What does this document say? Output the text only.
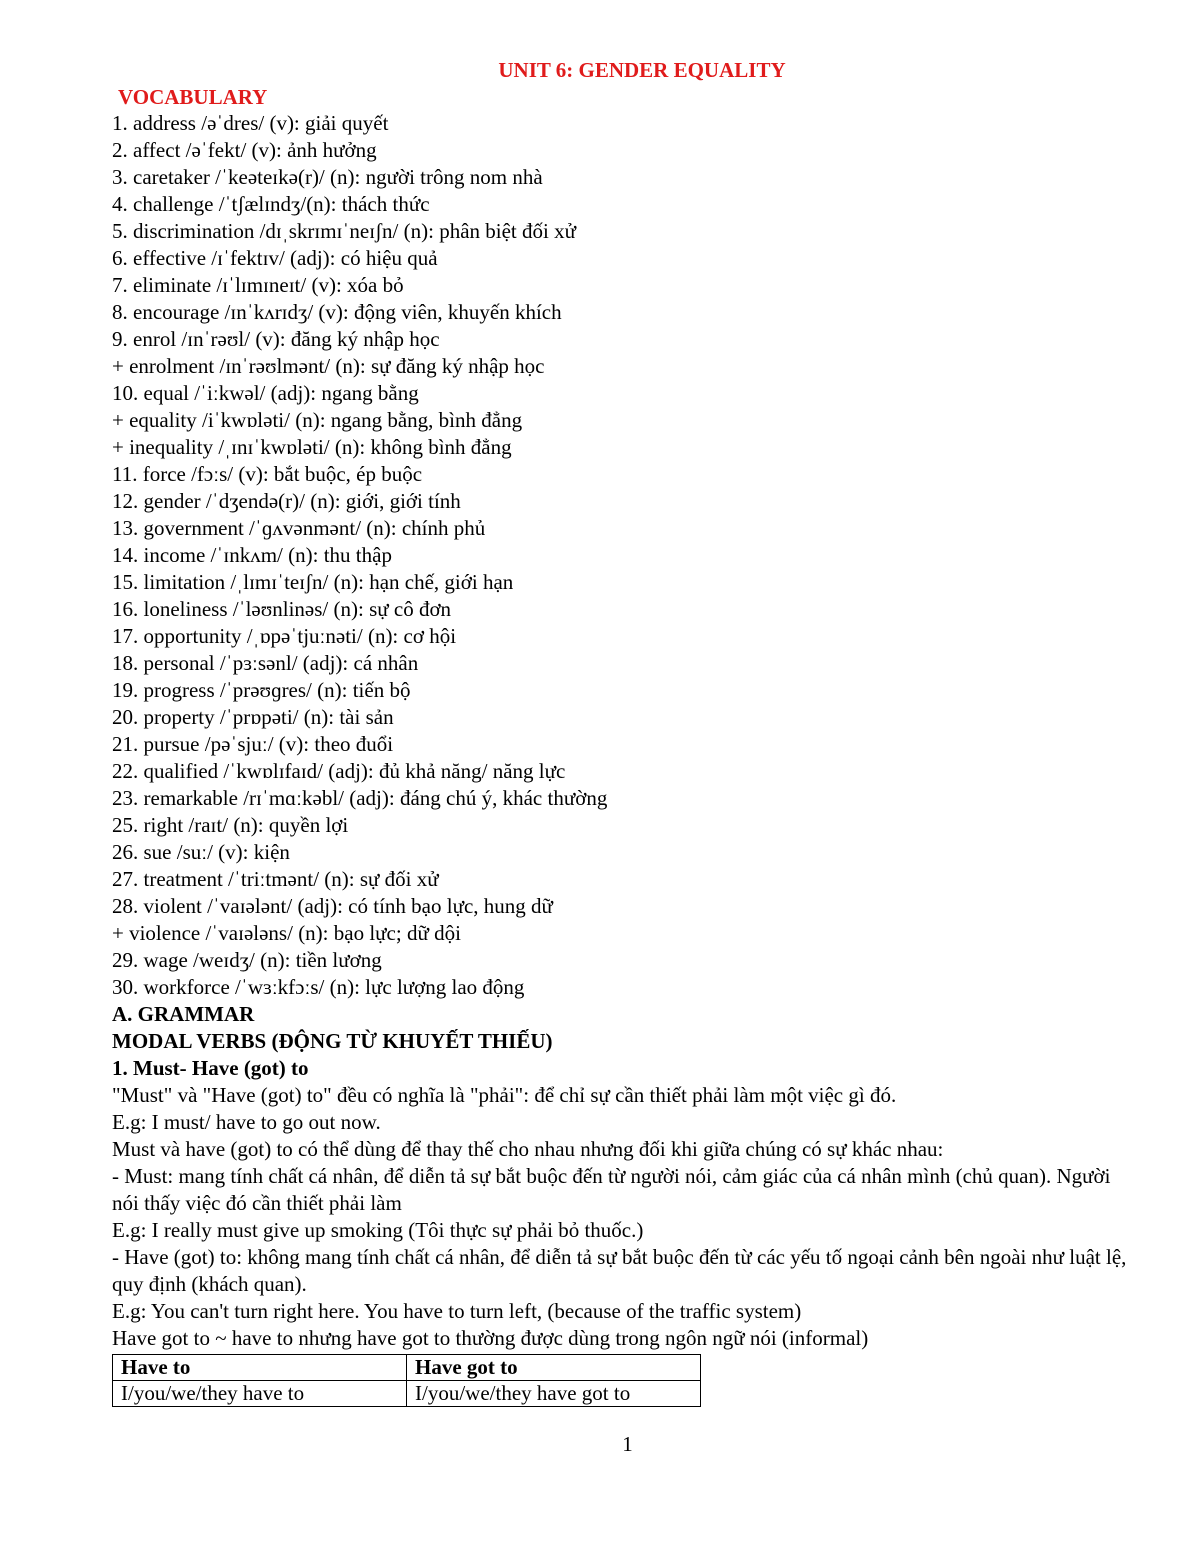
UNIT 6: GENDER EQUALITY
VOCABULARY
1. address /əˈdres/ (v): giải quyết
2. affect /əˈfekt/ (v): ảnh hưởng
3. caretaker /ˈkeəteɪkə(r)/ (n): người trông nom nhà
4. challenge /ˈtʃælɪndʒ/(n): thách thức
5. discrimination /dɪˌskrɪmɪˈneɪʃn/ (n): phân biệt đối xử
6. effective /ɪˈfektɪv/ (adj): có hiệu quả
7. eliminate /ɪˈlɪmɪneɪt/ (v): xóa bỏ
8. encourage /ɪnˈkʌrɪdʒ/ (v): động viên, khuyến khích
9. enrol /ɪnˈrəʊl/ (v): đăng ký nhập học
+ enrolment /ɪnˈrəʊlmənt/ (n): sự đăng ký nhập học
10. equal /ˈiːkwəl/ (adj): ngang bằng
+ equality /iˈkwɒləti/ (n): ngang bằng, bình đẳng
+ inequality /ˌɪnɪˈkwɒləti/ (n): không bình đẳng
11. force /fɔːs/ (v): bắt buộc, ép buộc
12. gender /ˈdʒendə(r)/ (n): giới, giới tính
13. government /ˈɡʌvənmənt/ (n): chính phủ
14. income /ˈɪnkʌm/ (n): thu thập
15. limitation /ˌlɪmɪˈteɪʃn/ (n): hạn chế, giới hạn
16. loneliness /ˈləʊnlinəs/ (n): sự cô đơn
17. opportunity /ˌɒpəˈtjuːnəti/ (n): cơ hội
18. personal /ˈpɜːsənl/ (adj): cá nhân
19. progress /ˈprəʊɡres/ (n): tiến bộ
20. property /ˈprɒpəti/ (n): tài sản
21. pursue /pəˈsjuː/ (v): theo đuổi
22. qualified /ˈkwɒlɪfaɪd/ (adj): đủ khả năng/ năng lực
23. remarkable /rɪˈmɑːkəbl/ (adj): đáng chú ý, khác thường
25. right /raɪt/ (n): quyền lợi
26. sue /suː/ (v): kiện
27. treatment /ˈtriːtmənt/ (n): sự đối xử
28. violent /ˈvaɪələnt/ (adj): có tính bạo lực, hung dữ
+ violence /ˈvaɪələns/ (n): bạo lực; dữ dội
29. wage /weɪdʒ/ (n): tiền lương
30. workforce /ˈwɜːkfɔːs/ (n): lực lượng lao động
A. GRAMMAR
MODAL VERBS (ĐỘNG TỪ KHUYẾT THIẾU)
1. Must- Have (got) to
"Must" và "Have (got) to" đều có nghĩa là "phải": để chỉ sự cần thiết phải làm một việc gì đó.
E.g: I must/ have to go out now.
Must và have (got) to có thể dùng để thay thế cho nhau nhưng đối khi giữa chúng có sự khác nhau:
- Must: mang tính chất cá nhân, để diễn tả sự bắt buộc đến từ người nói, cảm giác của cá nhân mình (chủ quan). Người nói thấy việc đó cần thiết phải làm
E.g: I really must give up smoking (Tôi thực sự phải bỏ thuốc.)
- Have (got) to: không mang tính chất cá nhân, để diễn tả sự bắt buộc đến từ các yếu tố ngoại cảnh bên ngoài như luật lệ, quy định (khách quan).
E.g: You can't turn right here. You have to turn left, (because of the traffic system)
Have got to ~ have to nhưng have got to thường được dùng trong ngôn ngữ nói (informal)
Have to	Have got to
I/you/we/they have to	I/you/we/they have got to
1
